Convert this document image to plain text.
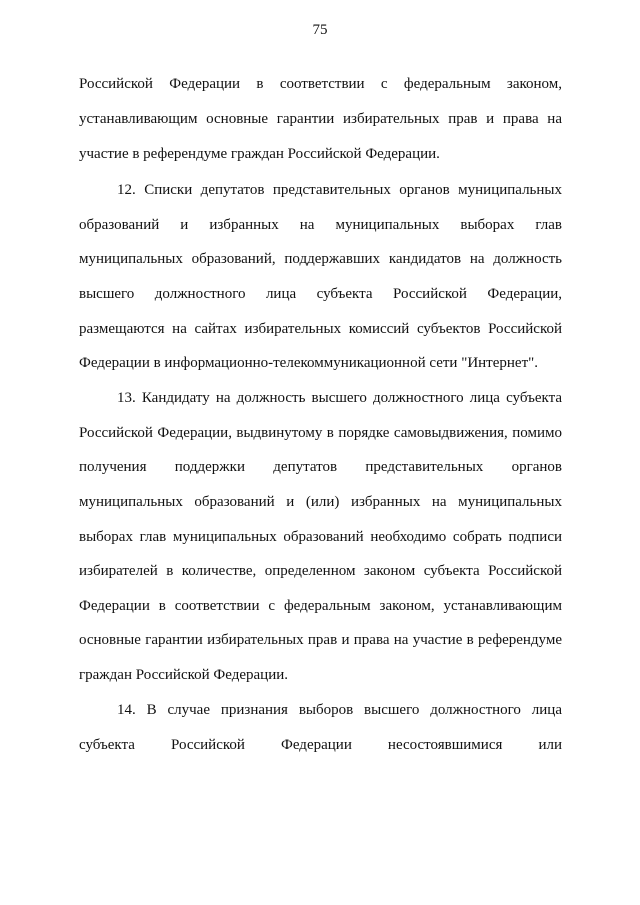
75
Российской Федерации в соответствии с федеральным законом,
устанавливающим основные гарантии избирательных прав и права на
участие в референдуме граждан Российской Федерации.
12. Списки депутатов представительных органов муниципальных
образований и избранных на муниципальных выборах глав
муниципальных образований, поддержавших кандидатов на должность
высшего должностного лица субъекта Российской Федерации,
размещаются на сайтах избирательных комиссий субъектов Российской
Федерации в информационно-телекоммуникационной сети "Интернет".
13. Кандидату на должность высшего должностного лица субъекта
Российской Федерации, выдвинутому в порядке самовыдвижения, помимо
получения поддержки депутатов представительных органов
муниципальных образований и (или) избранных на муниципальных
выборах глав муниципальных образований необходимо собрать подписи
избирателей в количестве, определенном законом субъекта Российской
Федерации в соответствии с федеральным законом, устанавливающим
основные гарантии избирательных прав и права на участие в референдуме
граждан Российской Федерации.
14. В случае признания выборов высшего должностного лица
субъекта Российской Федерации несостоявшимися или
